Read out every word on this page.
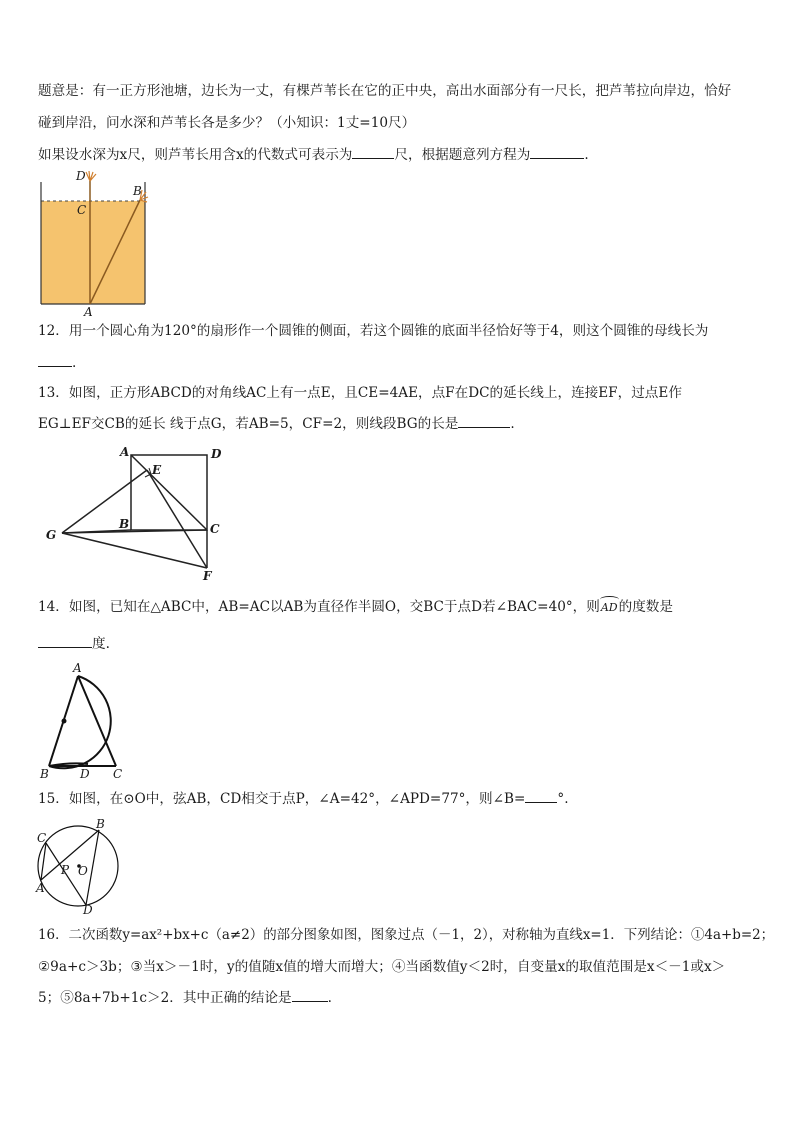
题意是：有一正方形池塘，边长为一丈，有棵芦苇长在它的正中央，高出水面部分有一尺长，把芦苇拉向岸边，恰好
碰到岸沿，问水深和芦苇长各是多少？（小知识：1丈=10尺）
如果设水深为x尺，则芦苇长用含x的代数式可表示为	尺，根据题意列方程为	.
D
C
B
A
12．用一个圆心角为120°的扇形作一个圆锥的侧面，若这个圆锥的底面半径恰好等于4，则这个圆锥的母线长为
.
13．如图，正方形ABCD的对角线AC上有一点E，且CE=4AE，点F在DC的延长线上，连接EF，过点E作
EG⊥EF交CB的延长 线于点G，若AB=5，CF=2，则线段BG的长是	.
A	D
E
G
B	C
F
14．如图，已知在△ABC中，AB=AC以AB为直径作半圆O，交BC于点D若∠BAC=40°，则
AD的度数是
度.
A
B	D C
15．如图，在⊙O中，弦AB，CD相交于点P，∠A=42°，∠APD=77°，则∠B= °.
C
B
P O
A
D
16．二次函数y=ax²+bx+c（a≠2）的部分图象如图，图象过点（－1，2），对称轴为直线x=1．下列结论：①4a+b=2；
②9a+c＞3b；③当x＞－1时，y的值随x值的增大而增大；④当函数值y＜2时，自变量x的取值范围是x＜－1或x＞
5；⑤8a+7b+1c＞2．其中正确的结论是	.
